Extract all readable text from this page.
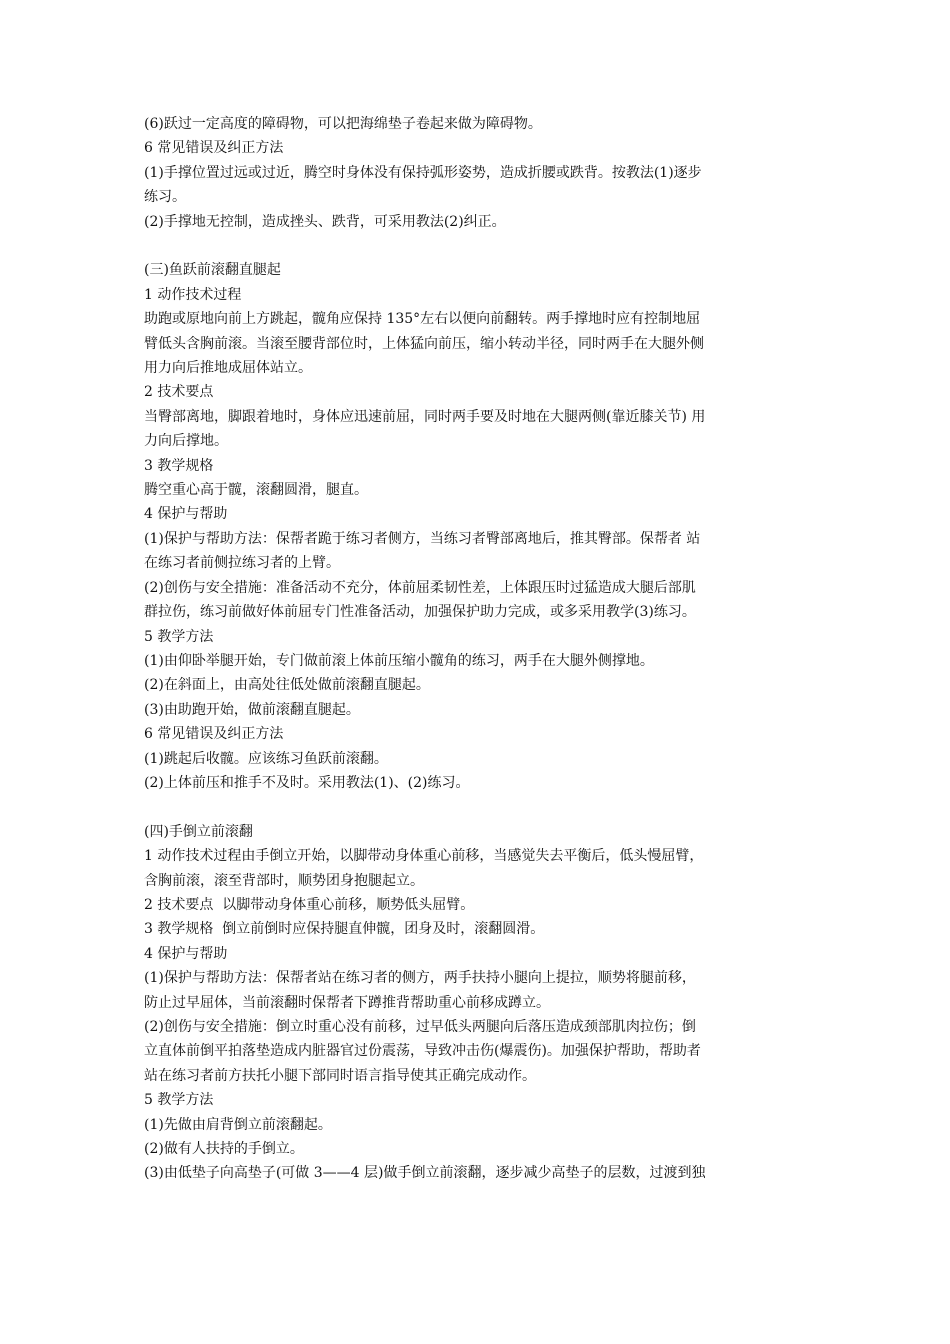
(6)跃过一定高度的障碍物，可以把海绵垫子卷起来做为障碍物。
6 常见错误及纠正方法
(1)手撑位置过远或过近，腾空时身体没有保持弧形姿势，造成折腰或跌背。按教法(1)逐步
练习。
(2)手撑地无控制，造成挫头、跌背，可采用教法(2)纠正。
(三)鱼跃前滚翻直腿起
1 动作技术过程
助跑或原地向前上方跳起，髋角应保持 135°左右以便向前翻转。两手撑地时应有控制地屈
臂低头含胸前滚。当滚至腰背部位时，上体猛向前压，缩小转动半径，同时两手在大腿外侧
用力向后推地成屈体站立。
2 技术要点
当臀部离地，脚跟着地时，身体应迅速前屈，同时两手要及时地在大腿两侧(靠近膝关节) 用
力向后撑地。
3 教学规格
腾空重心高于髋，滚翻圆滑，腿直。
4 保护与帮助
(1)保护与帮助方法：保帮者跪于练习者侧方，当练习者臀部离地后，推其臀部。保帮者 站
在练习者前侧拉练习者的上臂。
(2)创伤与安全措施：准备活动不充分，体前屈柔韧性差，上体跟压时过猛造成大腿后部肌
群拉伤，练习前做好体前屈专门性准备活动，加强保护助力完成，或多采用教学(3)练习。
5 教学方法
(1)由仰卧举腿开始，专门做前滚上体前压缩小髋角的练习，两手在大腿外侧撑地。
(2)在斜面上，由高处往低处做前滚翻直腿起。
(3)由助跑开始，做前滚翻直腿起。
6 常见错误及纠正方法
(1)跳起后收髋。应该练习鱼跃前滚翻。
(2)上体前压和推手不及时。采用教法(1)、(2)练习。
(四)手倒立前滚翻
1 动作技术过程由手倒立开始，以脚带动身体重心前移，当感觉失去平衡后，低头慢屈臂，
含胸前滚，滚至背部时，顺势团身抱腿起立。
2 技术要点  以脚带动身体重心前移，顺势低头屈臂。
3 教学规格  倒立前倒时应保持腿直伸髋，团身及时，滚翻圆滑。
4 保护与帮助
(1)保护与帮助方法：保帮者站在练习者的侧方，两手扶持小腿向上提拉，顺势将腿前移，
防止过早屈体，当前滚翻时保帮者下蹲推背帮助重心前移成蹲立。
(2)创伤与安全措施：倒立时重心没有前移，过早低头两腿向后落压造成颈部肌肉拉伤；倒
立直体前倒平拍落垫造成内脏器官过份震荡，导致冲击伤(爆震伤)。加强保护帮助，帮助者
站在练习者前方扶托小腿下部同时语言指导使其正确完成动作。
5 教学方法
(1)先做由肩背倒立前滚翻起。
(2)做有人扶持的手倒立。
(3)由低垫子向高垫子(可做 3——4 层)做手倒立前滚翻，逐步减少高垫子的层数，过渡到独
